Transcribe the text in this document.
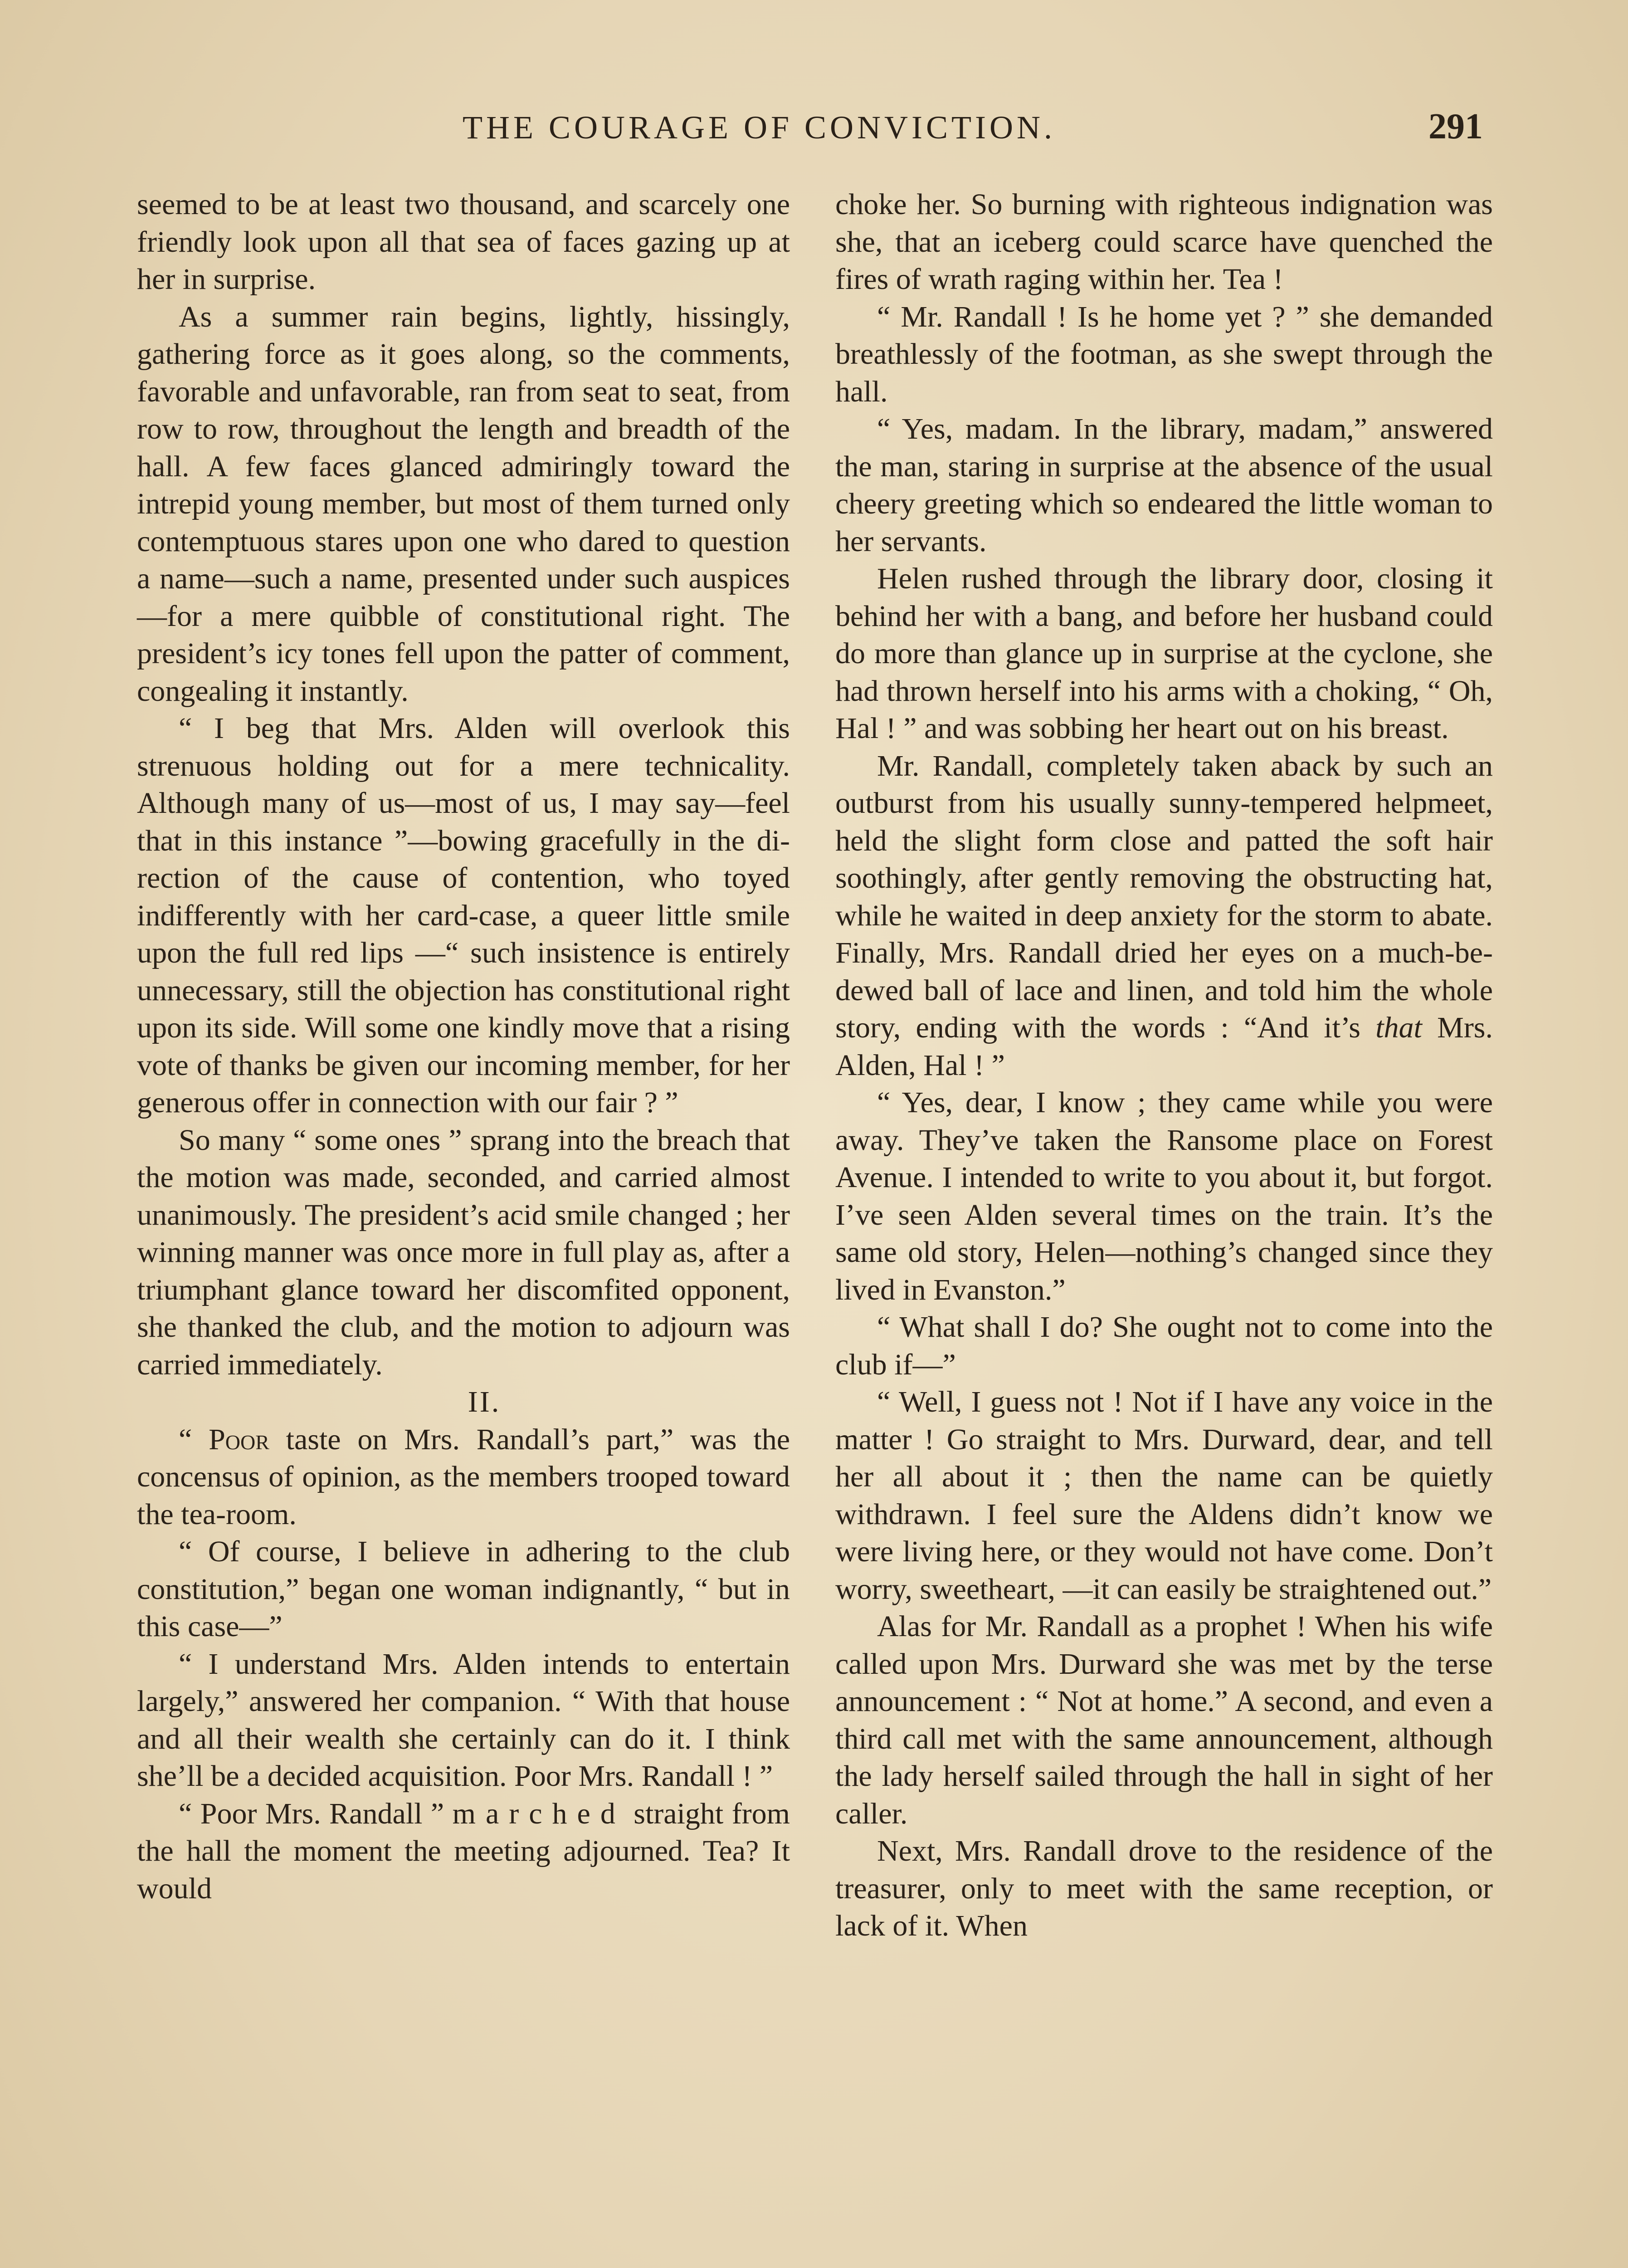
THE COURAGE OF CONVICTION.	291

seemed to be at least two thousand, and scarcely one friendly look upon all that sea of faces gazing up at her in surprise.

As a summer rain begins, lightly, hissingly, gathering force as it goes along, so the comments, favorable and unfavorable, ran from seat to seat, from row to row, throughout the length and breadth of the hall. A few faces glanced admiringly toward the intrepid young member, but most of them turned only contemptuous stares upon one who dared to question a name—such a name, presented under such auspices—for a mere quibble of constitutional right. The president’s icy tones fell upon the patter of comment, congealing it instantly.

“ I beg that Mrs. Alden will overlook this strenuous holding out for a mere technicality. Although many of us—most of us, I may say—feel that in this instance ”—bowing gracefully in the direction of the cause of contention, who toyed indifferently with her card-case, a queer little smile upon the full red lips —“ such insistence is entirely unnecessary, still the objection has constitutional right upon its side. Will some one kindly move that a rising vote of thanks be given our incoming member, for her generous offer in connection with our fair ? ”

So many “ some ones ” sprang into the breach that the motion was made, seconded, and carried almost unanimously. The president’s acid smile changed ; her winning manner was once more in full play as, after a triumphant glance toward her discomfited opponent, she thanked the club, and the motion to adjourn was carried immediately.

II.

“ Poor taste on Mrs. Randall’s part,” was the concensus of opinion, as the members trooped toward the tea-room.

“ Of course, I believe in adhering to the club constitution,” began one woman indignantly, “ but in this case—”

“ I understand Mrs. Alden intends to entertain largely,” answered her companion. “ With that house and all their wealth she certainly can do it. I think she’ll be a decided acquisition. Poor Mrs. Randall ! ”

“ Poor Mrs. Randall ” marched straight from the hall the moment the meeting adjourned. Tea? It would

choke her. So burning with righteous indignation was she, that an iceberg could scarce have quenched the fires of wrath raging within her. Tea !

“ Mr. Randall ! Is he home yet ? ” she demanded breathlessly of the footman, as she swept through the hall.

“ Yes, madam. In the library, madam,” answered the man, staring in surprise at the absence of the usual cheery greeting which so endeared the little woman to her servants.

Helen rushed through the library door, closing it behind her with a bang, and before her husband could do more than glance up in surprise at the cyclone, she had thrown herself into his arms with a choking, “ Oh, Hal ! ” and was sobbing her heart out on his breast.

Mr. Randall, completely taken aback by such an outburst from his usually sunny-tempered helpmeet, held the slight form close and patted the soft hair soothingly, after gently removing the obstructing hat, while he waited in deep anxiety for the storm to abate. Finally, Mrs. Randall dried her eyes on a much-bedewed ball of lace and linen, and told him the whole story, ending with the words : “And it’s that Mrs. Alden, Hal ! ”

“ Yes, dear, I know ; they came while you were away. They’ve taken the Ransome place on Forest Avenue. I intended to write to you about it, but forgot. I’ve seen Alden several times on the train. It’s the same old story, Helen—nothing’s changed since they lived in Evanston.”

“ What shall I do? She ought not to come into the club if—”

“ Well, I guess not ! Not if I have any voice in the matter ! Go straight to Mrs. Durward, dear, and tell her all about it ; then the name can be quietly withdrawn. I feel sure the Aldens didn’t know we were living here, or they would not have come. Don’t worry, sweetheart, —it can easily be straightened out.”

Alas for Mr. Randall as a prophet ! When his wife called upon Mrs. Durward she was met by the terse announcement : “ Not at home.” A second, and even a third call met with the same announcement, although the lady herself sailed through the hall in sight of her caller.

Next, Mrs. Randall drove to the residence of the treasurer, only to meet with the same reception, or lack of it. When
